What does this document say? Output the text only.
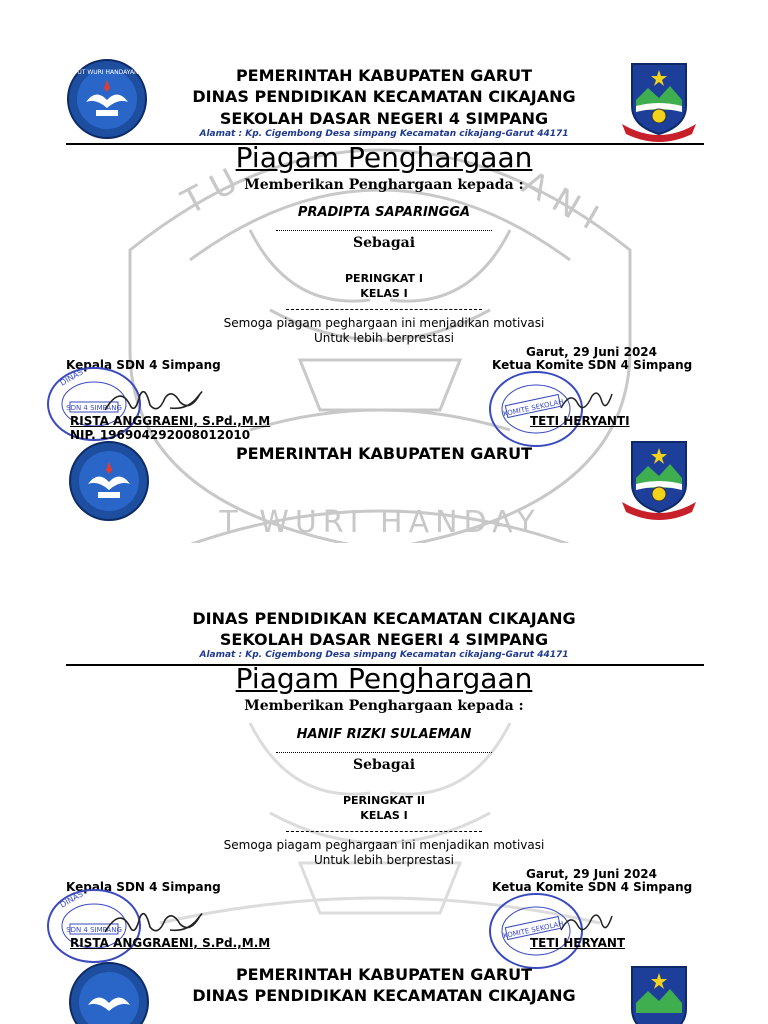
T U	A N I
TUT WURI HANDAYANI	PEMERINTAH KABUPATEN GARUT
DINAS PENDIDIKAN KECAMATAN CIKAJANG
SEKOLAH DASAR NEGERI 4 SIMPANG
Alamat : Kp. Cigembong Desa simpang Kecamatan cikajang-Garut 44171
Piagam Penghargaan
Memberikan Penghargaan kepada :
PRADIPTA SAPARINGGA
Sebagai
PERINGKAT I
KELAS I
Semoga piagam peghargaan ini menjadikan motivasi
Untuk lebih berprestasi
Garut, 29 Juni 2024
Kepala SDN 4 Simpang	Ketua Komite SDN 4 Simpang
SDN 4 SIMPANG
DINAS
KOMITE SEKOLAH
RISTA ANGGRAENI, S.Pd.,M.M
NIP. 196904292008012010
TETI HERYANTI
PEMERINTAH KABUPATEN GARUT
T WURI HANDAY
DINAS PENDIDIKAN KECAMATAN CIKAJANG
SEKOLAH DASAR NEGERI 4 SIMPANG
Alamat : Kp. Cigembong Desa simpang Kecamatan cikajang-Garut 44171
Piagam Penghargaan
Memberikan Penghargaan kepada :
HANIF RIZKI SULAEMAN
Sebagai
PERINGKAT II
KELAS I
Semoga piagam peghargaan ini menjadikan motivasi
Untuk lebih berprestasi
Garut, 29 Juni 2024
Kepala SDN 4 Simpang	Ketua Komite SDN 4 Simpang
SDN 4 SIMPANG
DINAS
KOMITE SEKOLAH
RISTA ANGGRAENI, S.Pd.,M.M	TETI HERYANT
PEMERINTAH KABUPATEN GARUT
DINAS PENDIDIKAN KECAMATAN CIKAJANG
